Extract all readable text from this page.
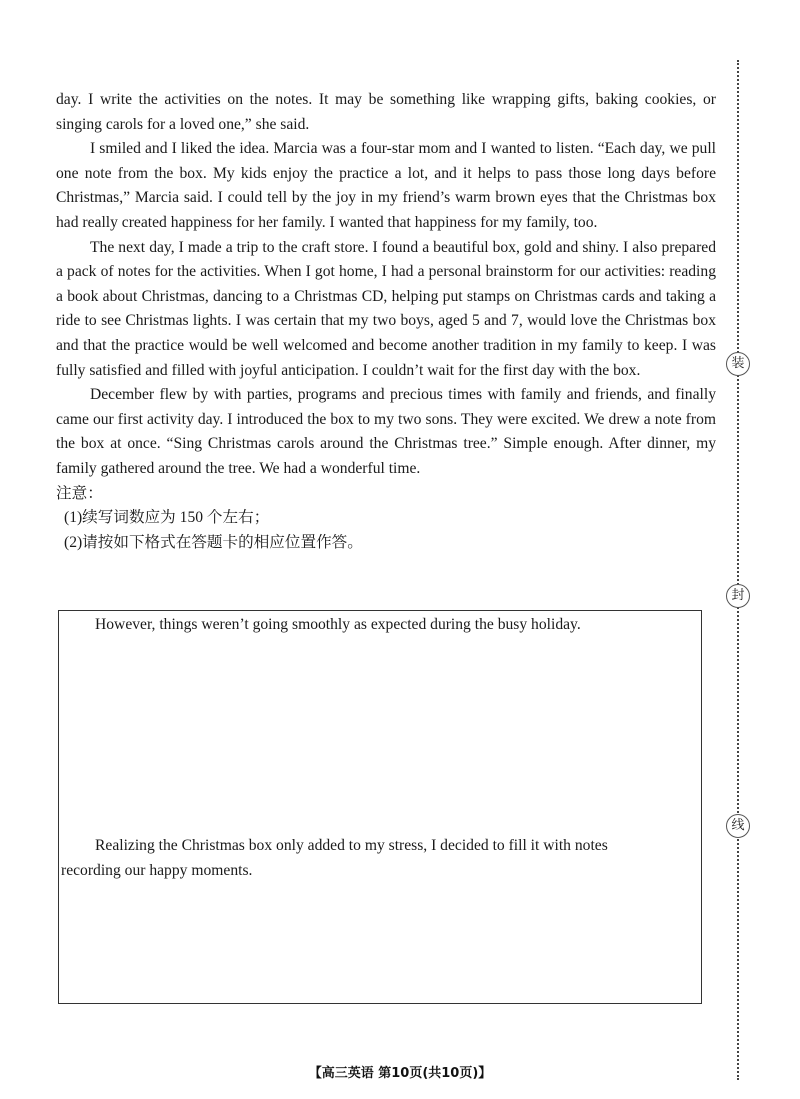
day. I write the activities on the notes. It may be something like wrapping gifts, baking cookies, or singing carols for a loved one,” she said.

I smiled and I liked the idea. Marcia was a four-star mom and I wanted to listen. “Each day, we pull one note from the box. My kids enjoy the practice a lot, and it helps to pass those long days before Christmas,” Marcia said. I could tell by the joy in my friend’s warm brown eyes that the Christmas box had really created happiness for her family. I wanted that happiness for my family, too.

The next day, I made a trip to the craft store. I found a beautiful box, gold and shiny. I also prepared a pack of notes for the activities. When I got home, I had a personal brainstorm for our activities: reading a book about Christmas, dancing to a Christmas CD, helping put stamps on Christmas cards and taking a ride to see Christmas lights. I was certain that my two boys, aged 5 and 7, would love the Christmas box and that the practice would be well welcomed and become another tradition in my family to keep. I was fully satisfied and filled with joyful anticipation. I couldn’t wait for the first day with the box.

December flew by with parties, programs and precious times with family and friends, and finally came our first activity day. I introduced the box to my two sons. They were excited. We drew a note from the box at once. “Sing Christmas carols around the Christmas tree.” Simple enough. After dinner, my family gathered around the tree. We had a wonderful time.

注意：

(1)续写词数应为 150 个左右；

(2)请按如下格式在答题卡的相应位置作答。

However, things weren’t going smoothly as expected during the busy holiday.
Realizing the Christmas box only added to my stress, I decided to fill it with notes
recording our happy moments.
装
封
线
【高三英语 第10页(共10页)】
